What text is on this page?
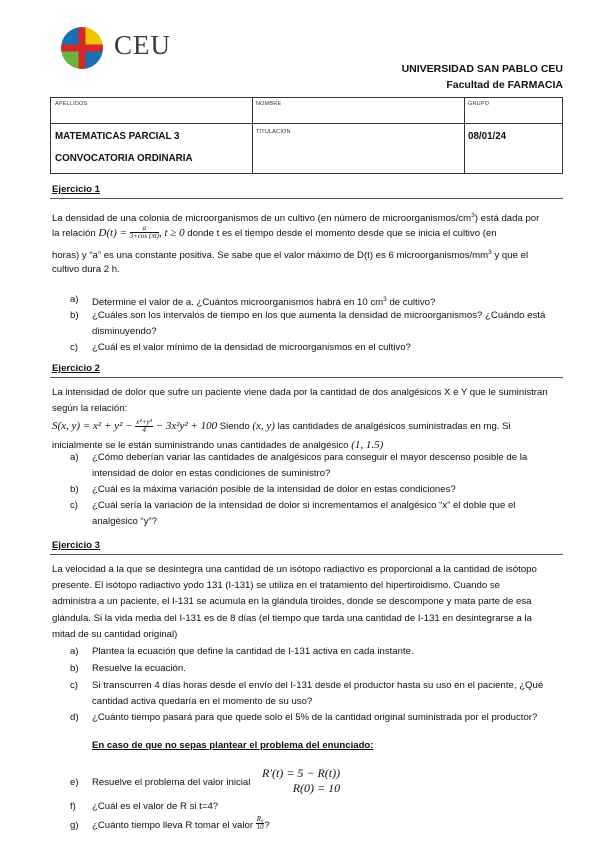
CEU
UNIVERSIDAD SAN PABLO CEU
Facultad de FARMACIA
APELLIDOS	NOMBRE	GRUPO
TITULACION
MATEMATICAS PARCIAL 3
CONVOCATORIA ORDINARIA
08/01/24
Ejercicio 1
La densidad de una colonia de microorganismos de un cultivo (en número de microorganismos/$cm^3$) está dada por
la relación $D(t) = \frac{a}{3+\cos (\pi t)}$ , t ≥ 0 donde t es el tiempo desde el momento desde que se inicia el cultivo (en
horas) y “a” es una constante positiva. Se sabe que el valor máximo de D(t) es 6 microorganismos/$mm^3$ y que el
cultivo dura 2 h.
a) Determine el valor de a. ¿Cuántos microorganismos habrá en 10 $cm^3$ de cultivo?
b) ¿Cuáles son los intervalos de tiempo en los que aumenta la densidad de microorganismos? ¿Cuándo está
disminuyendo?
c) ¿Cuál es el valor mínimo de la densidad de microorganismos en el cultivo?
Ejercicio 2
La intensidad de dolor que sufre un paciente viene dada por la cantidad de dos analgésicos X e Y que le suministran
según la relación:
S(x, $y) = x^2 + y^2 - \frac{\text{x⁴+y⁴}}{4} - 3x^2y^2 + 100$ Siendo (x, y) las cantidades de analgésicos suministradas en mg. Si
inicialmente se le están suministrando unas cantidades de analgésico (1, 1.5)
a) ¿Cómo deberían variar las cantidades de analgésicos para conseguir el mayor descenso posible de la
intensidad de dolor en estas condiciones de suministro?
b) ¿Cuál es la máxima variación posible de la intensidad de dolor en estas condiciones?
c) ¿Cuál sería la variación de la intensidad de dolor si incrementamos el analgésico “x” el doble que el
analgésico “y”?
Ejercicio 3
La velocidad a la que se desintegra una cantidad de un isótopo radiactivo es proporcional a la cantidad de isótopo
presente. El isótopo radiactivo yodo 131 (I-131) se utiliza en el tratamiento del hipertiroidismo. Cuando se
administra a un paciente, el I-131 se acumula en la glándula tiroides, donde se descompone y mata parte de esa
glándula. Si la vida media del I-131 es de 8 días (el tiempo que tarda una cantidad de I-131 en desintegrarse a la
mitad de su cantidad original)
a) Plantea la ecuación que define la cantidad de I-131 activa en cada instante.
b) Resuelve la ecuación.
c) Si transcurren 4 días horas desde el envío del I-131 desde el productor hasta su uso en el paciente, ¿Qué
cantidad activa quedaría en el momento de su uso?
d) ¿Cuánto tiempo pasará para que quede solo el 5% de la cantidad original suministrada por el productor?
En caso de que no sepas plantear el problema del enunciado:
e) Resuelve el problema del valor inicial
R′(t) = 5 − R(t))
R(0) = 10
f) ¿Cuál es el valor de R si t=4?
g) ¿Cuánto tiempo lleva R tomar el valor $\frac{\text{R₀}}{10}$ ?
